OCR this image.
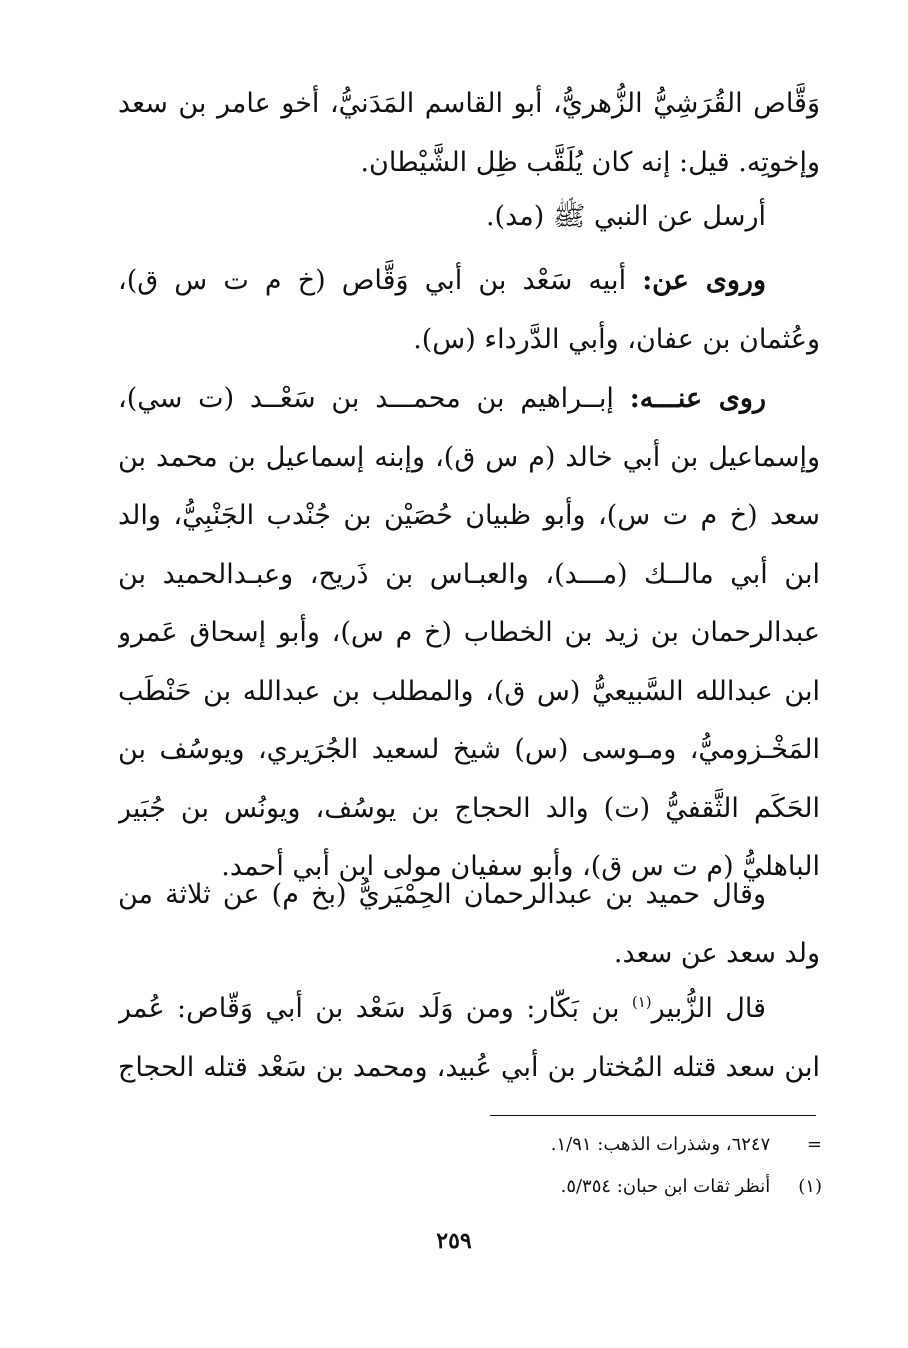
وَقَّاص القُرَشِيُّ الزُّهريُّ، أبو القاسم المَدَنيُّ، أخو عامر بن سعد
وإخوتِه. قيل: إنه كان يُلَقَّب ظِل الشَّيْطان.
أرسل عن النبي ﷺ (مد).
وروى عن: أبيه سَعْد بن أبي وَقَّاص (خ م ت س ق)،
وعُثمان بن عفان، وأبي الدَّرداء (س).
روى عنـــه: إبــراهيم بن محمـــد بن سَعْــد (ت سي)،
وإسماعيل بن أبي خالد (م س ق)، وإبنه إسماعيل بن محمد بن
سعد (خ م ت س)، وأبو ظبيان حُصَيْن بن جُنْدب الجَنْبِيُّ، والد
ابن أبي مالــك (مـــد)، والعبـاس بن ذَريح، وعبـدالحميد بن
عبدالرحمان بن زيد بن الخطاب (خ م س)، وأبو إسحاق عَمرو
ابن عبدالله السَّبيعيُّ (س ق)، والمطلب بن عبدالله بن حَنْطَب
المَخْـزوميُّ، ومـوسى (س) شيخ لسعيد الجُرَيري، ويوسُف بن
الحَكَم الثَّقفيُّ (ت) والد الحجاج بن يوسُف، ويونُس بن جُبَير
الباهليُّ (م ت س ق)، وأبو سفيان مولى ابن أبي أحمد.
وقال حميد بن عبدالرحمان الحِمْيَريُّ (بخ م) عن ثلاثة من
ولد سعد عن سعد.
قال الزُّبير$^{(١)}$ بن بَكّار: ومن وَلَد سَعْد بن أبي وَقّاص: عُمر
ابن سعد قتله المُختار بن أبي عُبيد، ومحمد بن سَعْد قتله الحجاج
= ٦٢٤٧، وشذرات الذهب: ١/٩١.
(١) أنظر ثقات ابن حبان: ٥/٣٥٤.
٢٥٩
